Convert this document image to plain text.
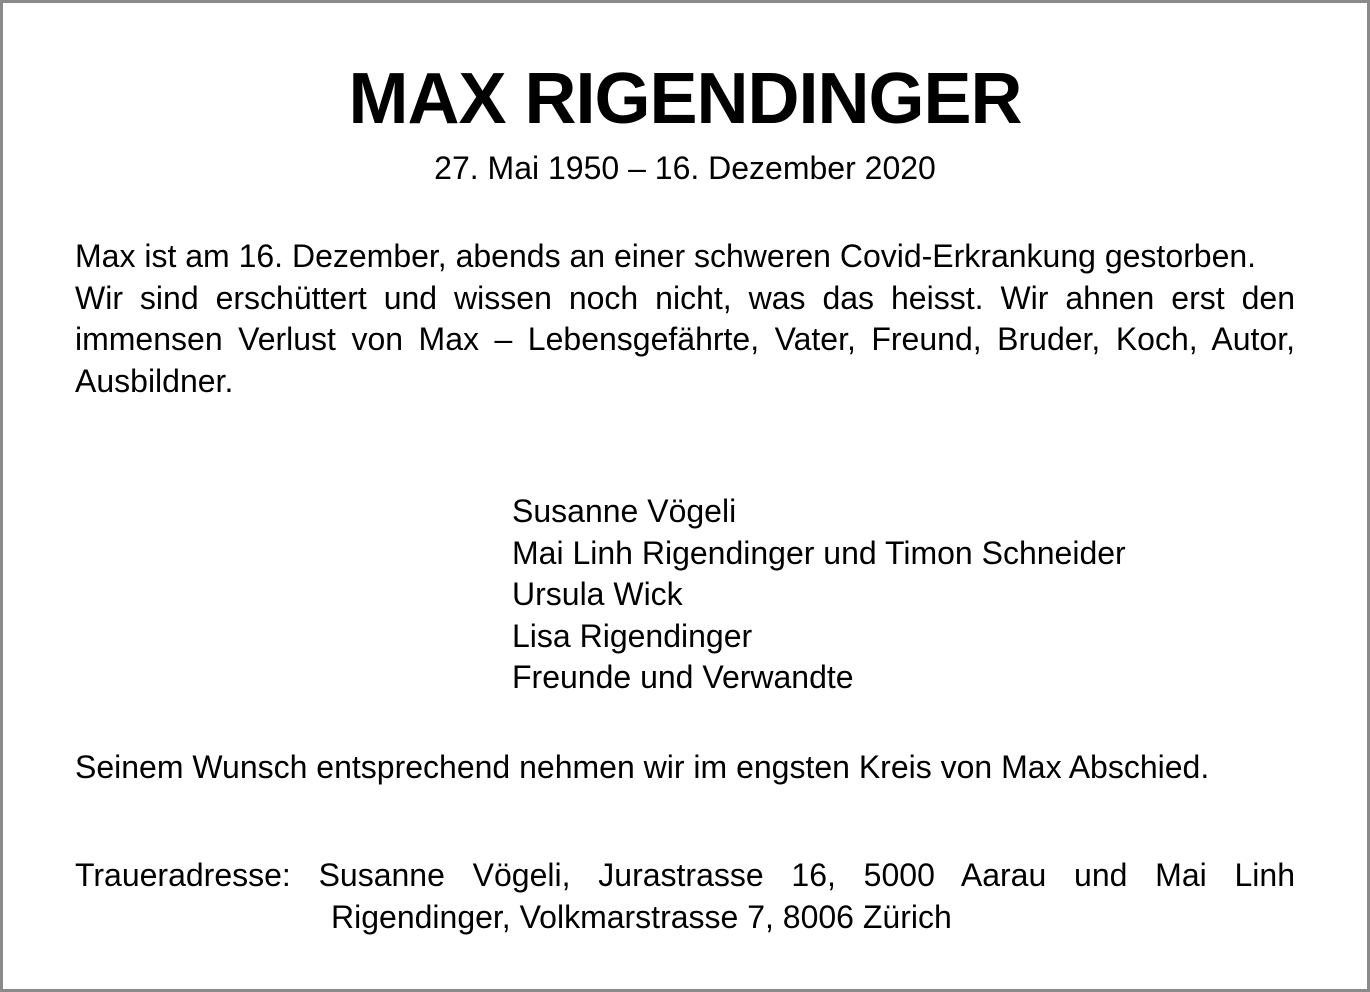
MAX RIGENDINGER
27. Mai 1950 – 16. Dezember 2020

Max ist am 16. Dezember, abends an einer schweren Covid-Erkrankung gestorben.

Wir sind erschüttert und wissen noch nicht, was das heisst. Wir ahnen erst den immensen Verlust von Max – Lebensgefährte, Vater, Freund, Bruder, Koch, Autor, Ausbildner.

Susanne Vögeli
Mai Linh Rigendinger und Timon Schneider
Ursula Wick
Lisa Rigendinger
Freunde und Verwandte

Seinem Wunsch entsprechend nehmen wir im engsten Kreis von Max Abschied.

Traueradresse: Susanne Vögeli, Jurastrasse 16, 5000 Aarau und Mai Linh
Rigendinger, Volkmarstrasse 7, 8006 Zürich
